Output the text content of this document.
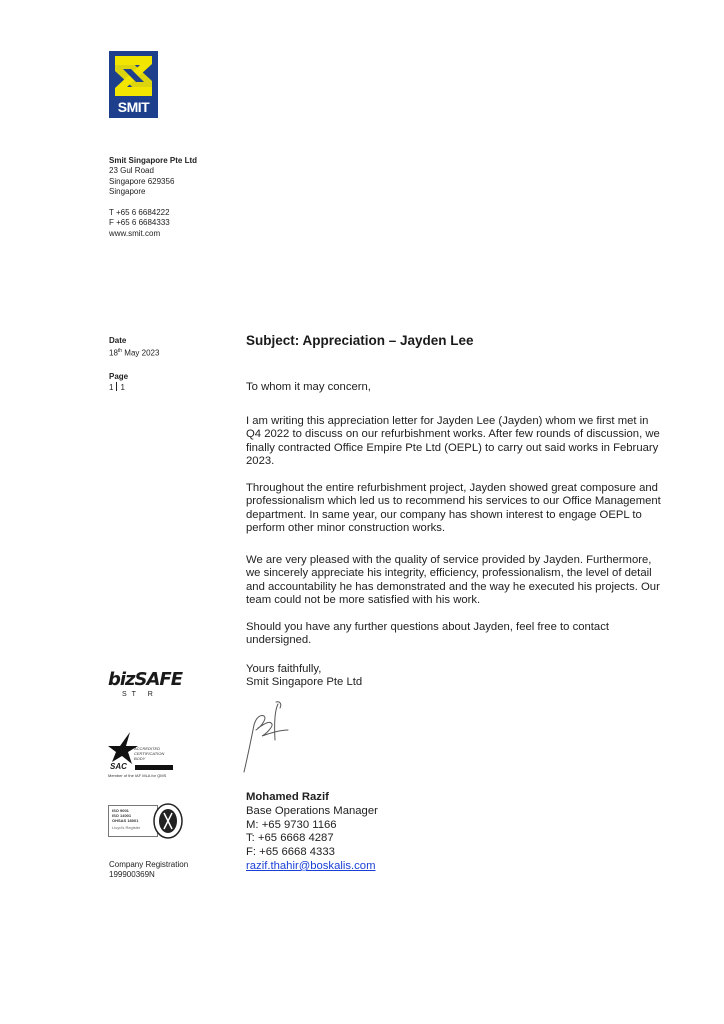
SMIT
Smit Singapore Pte Ltd
23 Gul Road
Singapore 629356
Singapore
T +65 6 6684222
F +65 6 6684333
www.smit.com
Date
18th May 2023
Page
1 1
Subject: Appreciation – Jayden Lee
To whom it may concern,
I am writing this appreciation letter for Jayden Lee (Jayden) whom we first met in Q4 2022 to discuss on our refurbishment works. After few rounds of discussion, we finally contracted Office Empire Pte Ltd (OEPL) to carry out said works in February 2023.
Throughout the entire refurbishment project, Jayden showed great composure and professionalism which led us to recommend his services to our Office Management department. In same year, our company has shown interest to engage OEPL to perform other minor construction works.
We are very pleased with the quality of service provided by Jayden. Furthermore, we sincerely appreciate his integrity, efficiency, professionalism, the level of detail and accountability he has demonstrated and the way he executed his projects. Our team could not be more satisfied with his work.
Should you have any further questions about Jayden, feel free to contact undersigned.
Yours faithfully,
Smit Singapore Pte Ltd
Mohamed Razif
Base Operations Manager
M: +65 9730 1166
T: +65 6668 4287
F: +65 6668 4333
razif.thahir@boskalis.com
bizSAFE
ST R
ACCREDITED
CERTIFICATION
BODY
SAC
Member of the IAF MLA for QMS
ISO 9001
ISO 14001
OHSAS 18001
Lloyd's Register
Company Registration
199900369N
